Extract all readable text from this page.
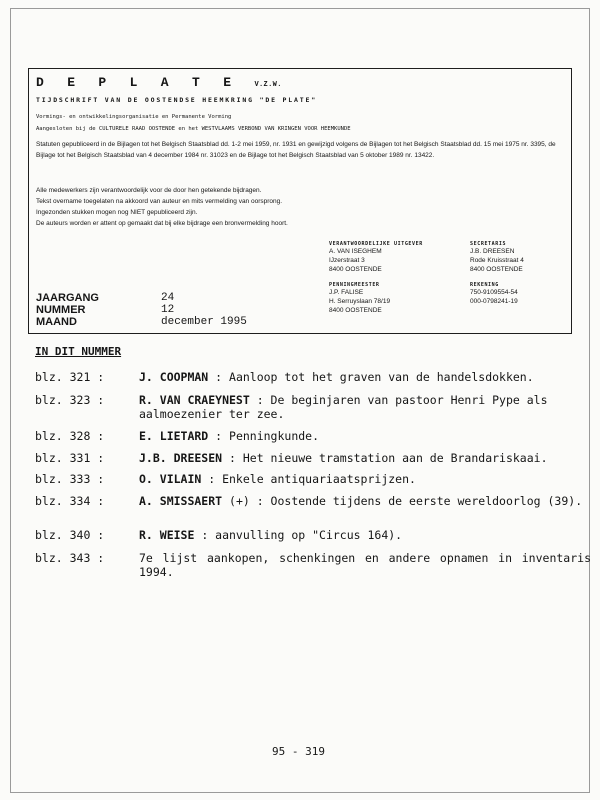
D E P L A T E V.Z.W.
TIJDSCHRIFT VAN DE OOSTENDSE HEEMKRING "DE PLATE"
Vormings- en ontwikkelingsorganisatie en Permanente Vorming
Aangesloten bij de CULTURELE RAAD OOSTENDE en het WESTVLAAMS VERBOND VAN KRINGEN VOOR HEEMKUNDE
Statuten gepubliceerd in de Bijlagen tot het Belgisch Staatsblad dd. 1-2 mei 1959, nr. 1931 en gewijzigd volgens de Bijlagen tot het Belgisch Staatsblad dd. 15 mei 1975 nr. 3395, de Bijlage tot het Belgisch Staatsblad van 4 december 1984 nr. 31023 en de Bijlage tot het Belgisch Staatsblad van 5 oktober 1989 nr. 13422.
Alle medewerkers zijn verantwoordelijk voor de door hen getekende bijdragen.
Tekst overname toegelaten na akkoord van auteur en mits vermelding van oorsprong.
Ingezonden stukken mogen nog NIET gepubliceerd zijn.
De auteurs worden er attent op gemaakt dat bij elke bijdrage een bronvermelding hoort.
VERANTWOORDELIJKE UITGEVER
A. VAN ISEGHEM
IJzerstraat 3
8400 OOSTENDE
SECRETARIS
J.B. DREESEN
Rode Kruisstraat 4
8400 OOSTENDE
PENNINGMEESTER
J.P. FALISE
H. Serruyslaan 78/19
8400 OOSTENDE
REKENING
750-9109554-54
000-0798241-19
JAARGANG	24
NUMMER	12
MAAND	december 1995
IN DIT NUMMER
blz. 321 :	J. COOPMAN : Aanloop tot het graven van de handelsdokken.
blz. 323 :	R. VAN CRAEYNEST : De beginjaren van pastoor Henri Pype als aalmoezenier ter zee.
blz. 328 :	E. LIETARD : Penningkunde.
blz. 331 :	J.B. DREESEN : Het nieuwe tramstation aan de Brandariskaai.
blz. 333 :	O. VILAIN : Enkele antiquariaatsprijzen.
blz. 334 :	A. SMISSAERT (+) : Oostende tijdens de eerste wereldoorlog (39).
blz. 340 :	R. WEISE : aanvulling op "Circus 164).
blz. 343 :	7e lijst aankopen, schenkingen en andere opnamen in inventaris 1994.
95 - 319
